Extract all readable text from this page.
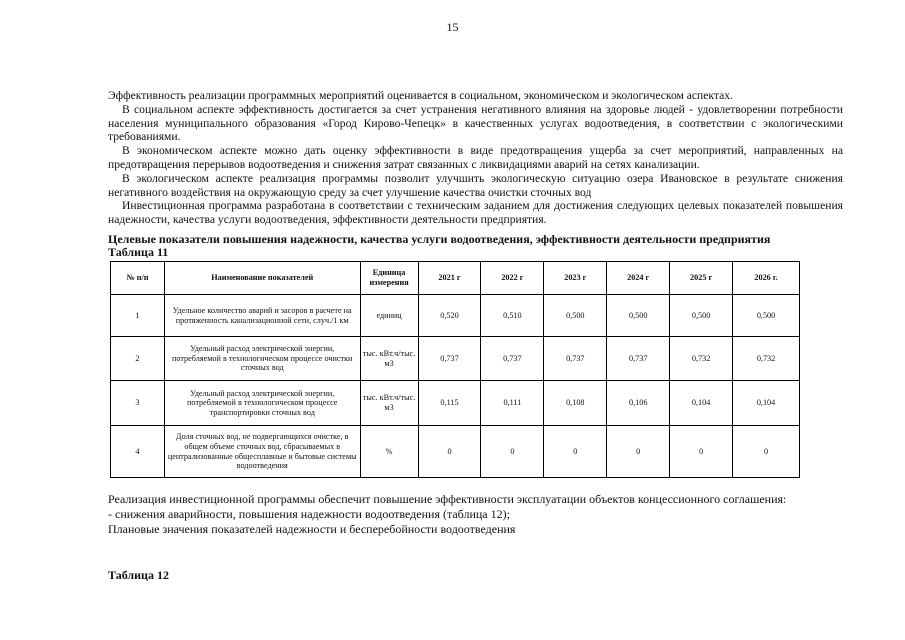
15

Эффективность реализации программных мероприятий оценивается в социальном, экономическом и экологическом аспектах.

В социальном аспекте эффективность достигается за счет устранения негативного влияния на здоровье людей - удовлетворении потребности населения муниципального образования «Город Кирово-Чепецк» в качественных услугах водоотведения, в соответствии с экологическими требованиями.

В экономическом аспекте можно дать оценку эффективности в виде предотвращения ущерба за счет мероприятий, направленных на предотвращения перерывов водоотведения и снижения затрат связанных с ликвидациями аварий на сетях канализации.

В экологическом аспекте реализация программы позволит улучшить экологическую ситуацию озера Ивановское в результате снижения негативного воздействия на окружающую среду за счет улучшение качества очистки сточных вод

Инвестиционная программа разработана в соответствии с техническим заданием для достижения следующих целевых показателей повышения надежности, качества услуги водоотведения, эффективности деятельности предприятия.

Целевые показатели повышения надежности, качества услуги водоотведения, эффективности деятельности предприятия
Таблица 11
№ п/п	Наименование показателей	Единица измерения	2021 г	2022 г	2023 г	2024 г	2025 г	2026 г.
1	Удельное количество аварий и засоров в расчете на протяженность канализационной сети, случ./1 км	единиц	0,520	0,510	0,500	0,500	0,500	0,500
2	Удельный расход электрической энергии, потребляемой в технологическом процессе очистки сточных вод	тыс. кВт.ч/тыс. м3	0,737	0,737	0,737	0,737	0,732	0,732
3	Удельный расход электрической энергии, потребляемой в технологическом процессе транспортировки сточных вод	тыс. кВт.ч/тыс. м3	0,115	0,111	0,108	0,106	0,104	0,104
4	Доля сточных вод, не подвергающихся очистке, в общем объеме сточных вод, сбрасываемых в централизованные общесплавные и бытовые системы водоотведения	%	0	0	0	0	0	0

Реализация инвестиционной программы обеспечит повышение эффективности эксплуатации объектов концессионного соглашения:

- снижения аварийности, повышения надежности водоотведения (таблица 12);

Плановые значения показателей надежности и бесперебойности водоотведения

Таблица 12
